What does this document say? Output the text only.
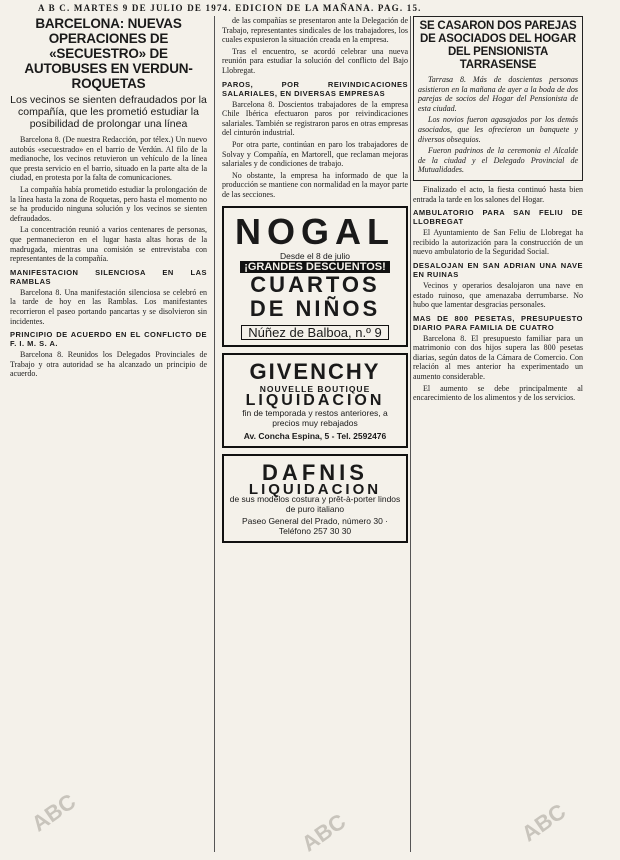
A B C. MARTES 9 DE JULIO DE 1974. EDICION DE LA MAÑANA. PAG. 15.
BARCELONA: NUEVAS OPERACIONES DE «SECUESTRO» DE AUTOBUSES EN VERDUN-ROQUETAS
Los vecinos se sienten defraudados por la compañía, que les prometió estudiar la posibilidad de prolongar una línea

Barcelona 8. (De nuestra Redacción, por télex.) Un nuevo autobús «secuestrado» en el barrio de Verdún. Al filo de la medianoche, los vecinos retuvieron un vehículo de la línea que presta servicio en el barrio, situado en la parte alta de la ciudad, en protesta por la falta de comunicaciones.

La compañía había prometido estudiar la prolongación de la línea hasta la zona de Roquetas, pero hasta el momento no se ha producido ninguna solución y los vecinos se sienten defraudados.

La concentración reunió a varios centenares de personas, que permanecieron en el lugar hasta altas horas de la madrugada, mientras una comisión se entrevistaba con representantes de la compañía.

MANIFESTACION SILENCIOSA EN LAS RAMBLAS

Barcelona 8. Una manifestación silenciosa se celebró en la tarde de hoy en las Ramblas. Los manifestantes recorrieron el paseo portando pancartas y se disolvieron sin incidentes.

PRINCIPIO DE ACUERDO EN EL CONFLICTO DE F. I. M. S. A.

Barcelona 8. Reunidos los Delegados Provinciales de Trabajo y otra autoridad se ha alcanzado un principio de acuerdo.

de las compañías se presentaron ante la Delegación de Trabajo, representantes sindicales de los trabajadores, los cuales expusieron la situación creada en la empresa.

Tras el encuentro, se acordó celebrar una nueva reunión para estudiar la solución del conflicto del Bajo Llobregat.

PAROS, POR REIVINDICACIONES SALARIALES, EN DIVERSAS EMPRESAS

Barcelona 8. Doscientos trabajadores de la empresa Chile Ibérica efectuaron paros por reivindicaciones salariales. También se registraron paros en otras empresas del cinturón industrial.

Por otra parte, continúan en paro los trabajadores de Solvay y Compañía, en Martorell, que reclaman mejoras salariales y de condiciones de trabajo.

No obstante, la empresa ha informado de que la producción se mantiene con normalidad en la mayor parte de las secciones.

NOGAL
Desde el 8 de julio
¡GRANDES DESCUENTOS!
CUARTOS
DE NIÑOS
Núñez de Balboa, n.º 9
GIVENCHY
NOUVELLE BOUTIQUE
LIQUIDACION
fin de temporada y restos anteriores, a precios muy rebajados
Av. Concha Espina, 5 - Tel. 2592476
DAFNIS
LIQUIDACION
de sus modelos costura y prêt-à-porter lindos de puro italiano
Paseo General del Prado, número 30 · Teléfono 257 30 30
SE CASARON DOS PAREJAS DE ASOCIADOS DEL HOGAR DEL PENSIONISTA TARRASENSE

Tarrasa 8. Más de doscientas personas asistieron en la mañana de ayer a la boda de dos parejas de socios del Hogar del Pensionista de esta ciudad.

Los novios fueron agasajados por los demás asociados, que les ofrecieron un banquete y diversos obsequios.

Fueron padrinos de la ceremonia el Alcalde de la ciudad y el Delegado Provincial de Mutualidades.

Finalizado el acto, la fiesta continuó hasta bien entrada la tarde en los salones del Hogar.

AMBULATORIO PARA SAN FELIU DE LLOBREGAT

El Ayuntamiento de San Feliu de Llobregat ha recibido la autorización para la construcción de un nuevo ambulatorio de la Seguridad Social.

DESALOJAN EN SAN ADRIAN UNA NAVE EN RUINAS

Vecinos y operarios desalojaron una nave en estado ruinoso, que amenazaba derrumbarse. No hubo que lamentar desgracias personales.

MAS DE 800 PESETAS, PRESUPUESTO DIARIO PARA FAMILIA DE CUATRO

Barcelona 8. El presupuesto familiar para un matrimonio con dos hijos supera las 800 pesetas diarias, según datos de la Cámara de Comercio. Con relación al mes anterior ha experimentado un aumento considerable.

El aumento se debe principalmente al encarecimiento de los alimentos y de los servicios.

ABC	ABC	ABC
